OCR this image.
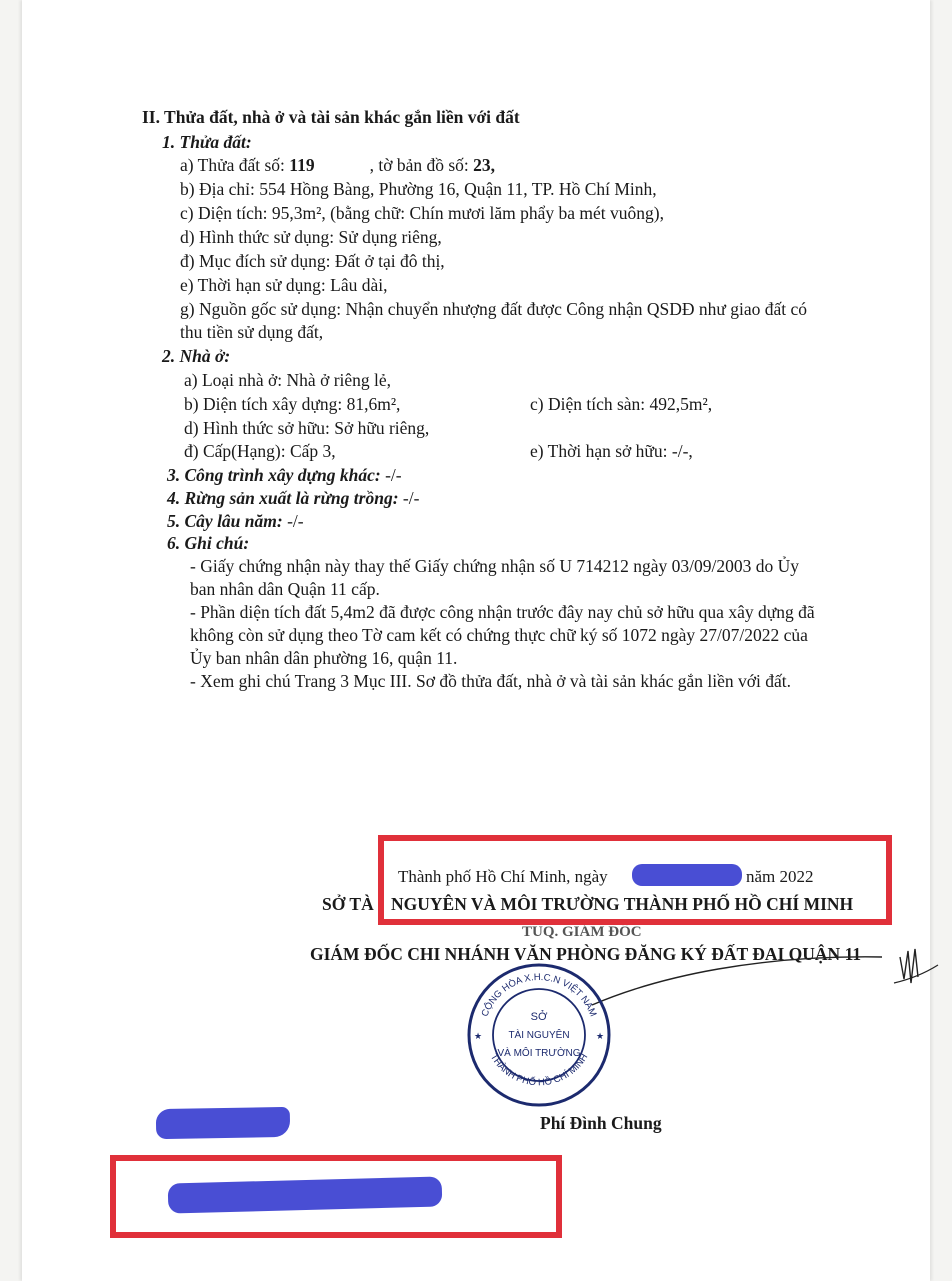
II. Thửa đất, nhà ở và tài sản khác gắn liền với đất
1. Thửa đất:
a) Thửa đất số: 119	, tờ bản đồ số: 23,
b) Địa chỉ: 554 Hồng Bàng, Phường 16, Quận 11, TP. Hồ Chí Minh,
c) Diện tích: 95,3m², (bằng chữ: Chín mươi lăm phẩy ba mét vuông),
d) Hình thức sử dụng: Sử dụng riêng,
đ) Mục đích sử dụng: Đất ở tại đô thị,
e) Thời hạn sử dụng: Lâu dài,
g) Nguồn gốc sử dụng: Nhận chuyển nhượng đất được Công nhận QSDĐ như giao đất có
thu tiền sử dụng đất,
2. Nhà ở:
a) Loại nhà ở: Nhà ở riêng lẻ,
b) Diện tích xây dựng: 81,6m²,	c) Diện tích sàn: 492,5m²,
d) Hình thức sở hữu: Sở hữu riêng,
đ) Cấp(Hạng): Cấp 3,	e) Thời hạn sở hữu: -/-,
3. Công trình xây dựng khác: -/-
4. Rừng sản xuất là rừng trồng: -/-
5. Cây lâu năm: -/-
6. Ghi chú:
- Giấy chứng nhận này thay thế Giấy chứng nhận số U 714212 ngày 03/09/2003 do Ủy
ban nhân dân Quận 11 cấp.
- Phần diện tích đất 5,4m2 đã được công nhận trước đây nay chủ sở hữu qua xây dựng đã
không còn sử dụng theo Tờ cam kết có chứng thực chữ ký số 1072 ngày 27/07/2022 của
Ủy ban nhân dân phường 16, quận 11.
- Xem ghi chú Trang 3 Mục III. Sơ đồ thửa đất, nhà ở và tài sản khác gắn liền với đất.
Thành phố Hồ Chí Minh, ngày	năm 2022
SỞ TÀ NGUYÊN VÀ MÔI TRƯỜNG THÀNH PHỐ HỒ CHÍ MINH
TUQ. GIÁM ĐỐC
GIÁM ĐỐC CHI NHÁNH VĂN PHÒNG ĐĂNG KÝ ĐẤT ĐAI QUẬN 11
SỞ
TÀI NGUYÊN
VÀ MÔI TRƯỜNG
CỘNG HÒA X.H.C.N VIỆT NAM
THÀNH PHỐ HỒ CHÍ MINH
★	★
Phí Đình Chung
